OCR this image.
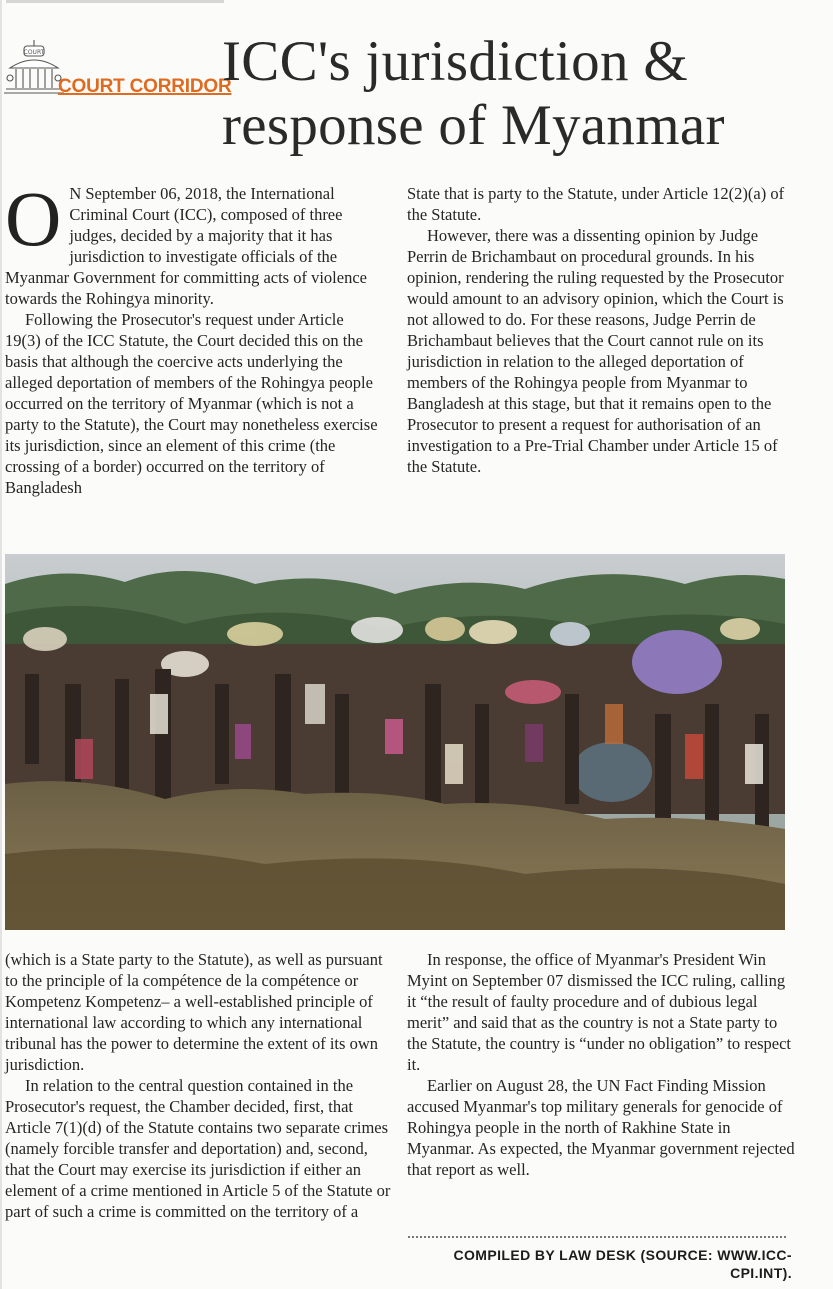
COURT
COURT CORRIDOR
ICC's jurisdiction & response of Myanmar

O N September 06, 2018, the International Criminal Court (ICC), composed of three judges, decided by a majority that it has jurisdiction to investigate officials of the Myanmar Government for committing acts of violence towards the Rohingya minority.

Following the Prosecutor's request under Article 19(3) of the ICC Statute, the Court decided this on the basis that although the coercive acts underlying the alleged deportation of members of the Rohingya people occurred on the territory of Myanmar (which is not a party to the Statute), the Court may nonetheless exercise its jurisdiction, since an element of this crime (the crossing of a border) occurred on the territory of Bangladesh

State that is party to the Statute, under Article 12(2)(a) of the Statute.

However, there was a dissenting opinion by Judge Perrin de Brichambaut on procedural grounds. In his opinion, rendering the ruling requested by the Prosecutor would amount to an advisory opinion, which the Court is not allowed to do. For these reasons, Judge Perrin de Brichambaut believes that the Court cannot rule on its jurisdiction in relation to the alleged deportation of members of the Rohingya people from Myanmar to Bangladesh at this stage, but that it remains open to the Prosecutor to present a request for authorisation of an investigation to a Pre-Trial Chamber under Article 15 of the Statute.

(which is a State party to the Statute), as well as pursuant to the principle of la compétence de la compétence or Kompetenz Kompetenz– a well-established principle of international law according to which any international tribunal has the power to determine the extent of its own jurisdiction.

In relation to the central question contained in the Prosecutor's request, the Chamber decided, first, that Article 7(1)(d) of the Statute contains two separate crimes (namely forcible transfer and deportation) and, second, that the Court may exercise its jurisdiction if either an element of a crime mentioned in Article 5 of the Statute or part of such a crime is committed on the territory of a

In response, the office of Myanmar's President Win Myint on September 07 dismissed the ICC ruling, calling it “the result of faulty procedure and of dubious legal merit” and said that as the country is not a State party to the Statute, the country is “under no obligation” to respect it.

Earlier on August 28, the UN Fact Finding Mission accused Myanmar's top military generals for genocide of Rohingya people in the north of Rakhine State in Myanmar. As expected, the Myanmar government rejected that report as well.

COMPILED BY LAW DESK (SOURCE: WWW.ICC-CPI.INT).
